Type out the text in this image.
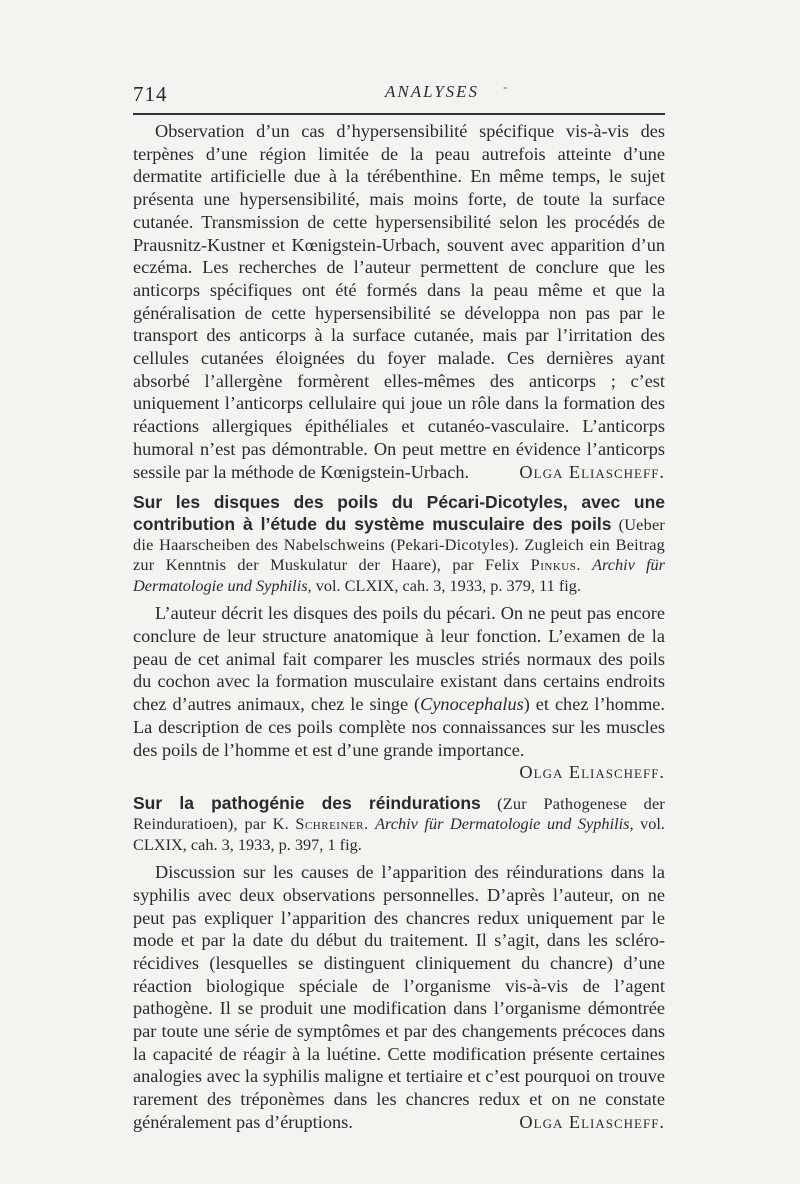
714	ANALYSES -

Observation d’un cas d’hypersensibilité spécifique vis-à-vis des terpènes d’une région limitée de la peau autrefois atteinte d’une dermatite artificielle due à la térébenthine. En même temps, le sujet présenta une hypersensibilité, mais moins forte, de toute la surface cutanée. Transmission de cette hypersensibilité selon les procédés de Prausnitz-Kustner et Kœnigstein-Urbach, souvent avec apparition d’un eczéma. Les recherches de l’auteur permettent de conclure que les anticorps spécifiques ont été formés dans la peau même et que la généralisation de cette hypersensibilité se développa non pas par le transport des anticorps à la surface cutanée, mais par l’irritation des cellules cutanées éloignées du foyer malade. Ces dernières ayant absorbé l’allergène formèrent elles-mêmes des anticorps ; c’est uniquement l’anticorps cellulaire qui joue un rôle dans la formation des réactions allergiques épithéliales et cutanéo-vasculaire. L’anticorps humoral n’est pas démontrable. On peut mettre en évidence l’anticorps sessile par la méthode de Kœnigstein-Urbach.	Olga Eliascheff.

Sur les disques des poils du Pécari-Dicotyles, avec une contribution à l’étude du système musculaire des poils (Ueber die Haarscheiben des Nabelschweins (Pekari-Dicotyles). Zugleich ein Beitrag zur Kenntnis der Muskulatur der Haare), par Felix Pinkus. Archiv für Dermatologie und Syphilis, vol. CLXIX, cah. 3, 1933, p. 379, 11 fig.

L’auteur décrit les disques des poils du pécari. On ne peut pas encore conclure de leur structure anatomique à leur fonction. L’examen de la peau de cet animal fait comparer les muscles striés normaux des poils du cochon avec la formation musculaire existant dans certains endroits chez d’autres animaux, chez le singe (Cynocephalus) et chez l’homme. La description de ces poils complète nos connaissances sur les muscles des poils de l’homme et est d’une grande importance.

Olga Eliascheff.

Sur la pathogénie des réindurations (Zur Pathogenese der Reinduratioen), par K. Schreiner. Archiv für Dermatologie und Syphilis, vol. CLXIX, cah. 3, 1933, p. 397, 1 fig.

Discussion sur les causes de l’apparition des réindurations dans la syphilis avec deux observations personnelles. D’après l’auteur, on ne peut pas expliquer l’apparition des chancres redux uniquement par le mode et par la date du début du traitement. Il s’agit, dans les scléro-récidives (lesquelles se distinguent cliniquement du chancre) d’une réaction biologique spéciale de l’organisme vis-à-vis de l’agent pathogène. Il se produit une modification dans l’organisme démontrée par toute une série de symptômes et par des changements précoces dans la capacité de réagir à la luétine. Cette modification présente certaines analogies avec la syphilis maligne et tertiaire et c’est pourquoi on trouve rarement des tréponèmes dans les chancres redux et on ne constate généralement pas d’éruptions.	Olga Eliascheff.
